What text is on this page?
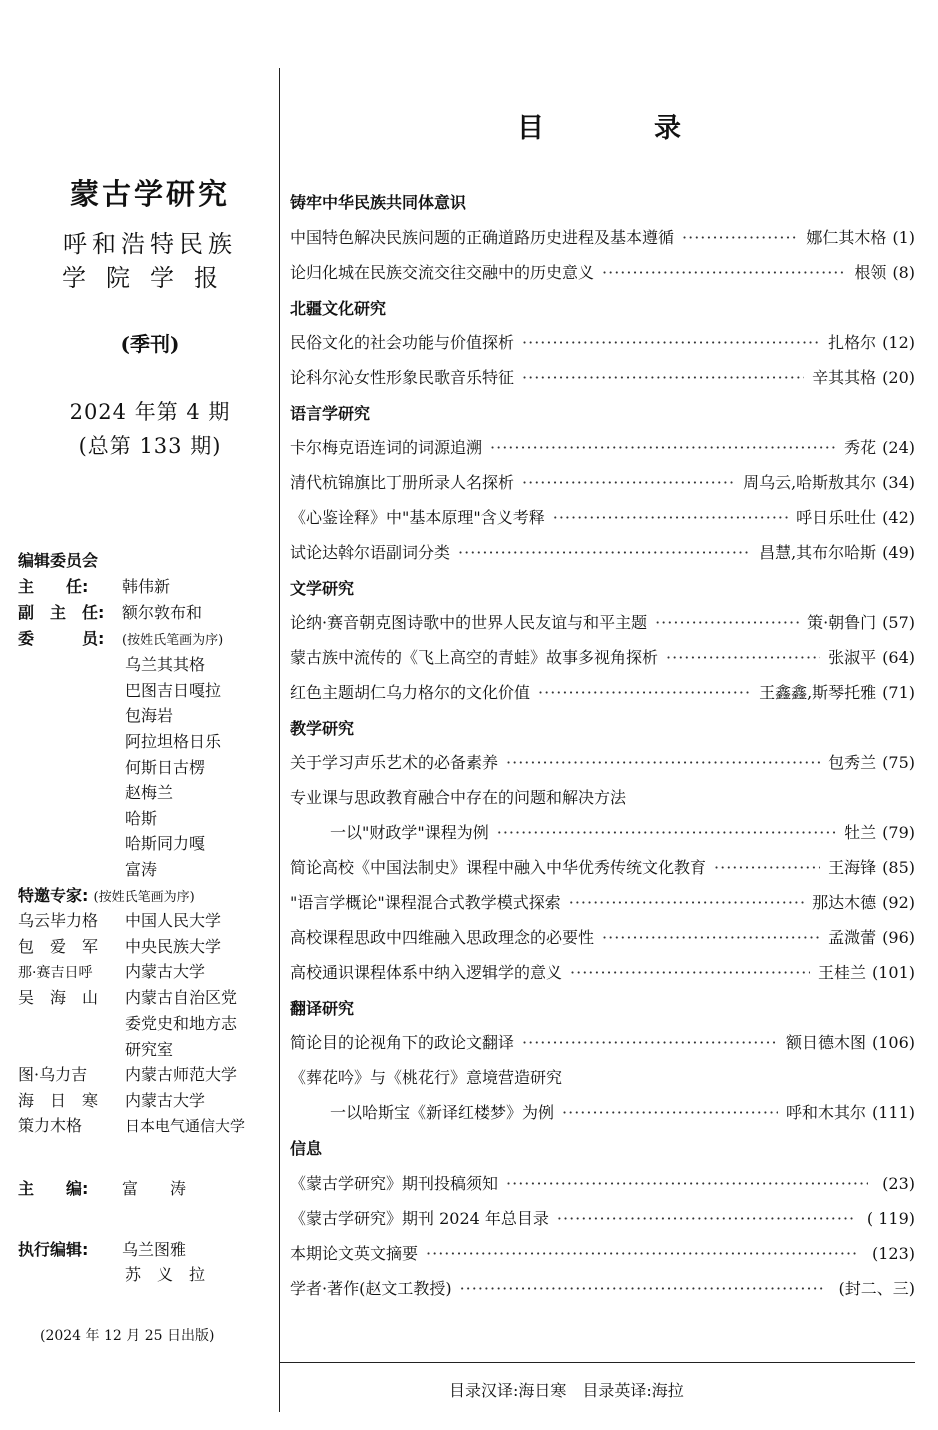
蒙古学研究
呼和浩特民族
学院学报
(季刊)
2024 年第 4 期
(总第 133 期)
编辑委员会
主　　任: 韩伟新
副　主　任: 额尔敦布和
委　　　员: (按姓氏笔画为序)
乌兰其其格
巴图吉日嘎拉
包海岩
阿拉坦格日乐
何斯日古楞
赵梅兰
哈斯
哈斯同力嘎
富涛
特邀专家: (按姓氏笔画为序)
乌云毕力格 中国人民大学
包　爱　军 中央民族大学
那·赛吉日呼 内蒙古大学
吴　海　山 内蒙古自治区党
委党史和地方志
研究室
图·乌力吉 内蒙古师范大学
海　日　寒 内蒙古大学
策力木格	日本电气通信大学
主　　编: 富　　涛
执行编辑: 乌兰图雅
苏　义　拉
(2024 年 12 月 25 日出版)
目录
铸牢中华民族共同体意识
中国特色解决民族问题的正确道路历史进程及基本遵循 ·····	娜仁其木格 (1)
论归化城在民族交流交往交融中的历史意义 ·····	根领 (8)
北疆文化研究
民俗文化的社会功能与价值探析 ·····	扎格尔 (12)
论科尔沁女性形象民歌音乐特征 ·····	辛其其格 (20)
语言学研究
卡尔梅克语连词的词源追溯 ·····	秀花 (24)
清代杭锦旗比丁册所录人名探析 ·····	周乌云,哈斯敖其尔 (34)
《心鉴诠释》中"基本原理"含义考释 ·····	呼日乐吐仕 (42)
试论达斡尔语副词分类 ·····	昌慧,其布尔哈斯 (49)
文学研究
论纳·赛音朝克图诗歌中的世界人民友谊与和平主题 ·····	策·朝鲁门 (57)
蒙古族中流传的《飞上高空的青蛙》故事多视角探析 ·····	张淑平 (64)
红色主题胡仁乌力格尔的文化价值 ·····	王鑫鑫,斯琴托雅 (71)
教学研究
关于学习声乐艺术的必备素养 ·····	包秀兰 (75)
专业课与思政教育融合中存在的问题和解决方法
一以"财政学"课程为例 ·····	牡兰 (79)
简论高校《中国法制史》课程中融入中华优秀传统文化教育 ·····	王海锋 (85)
"语言学概论"课程混合式教学模式探索 ·····	那达木德 (92)
高校课程思政中四维融入思政理念的必要性 ·····	孟溦蕾 (96)
高校通识课程体系中纳入逻辑学的意义 ·····	王桂兰 (101)
翻译研究
简论目的论视角下的政论文翻译 ·····	额日德木图 (106)
《葬花吟》与《桃花行》意境营造研究
一以哈斯宝《新译红楼梦》为例 ·····	呼和木其尔 (111)
信息
《蒙古学研究》期刊投稿须知 ·····	(23)
《蒙古学研究》期刊 2024 年总目录 ·····	( 119)
本期论文英文摘要 ·····	(123)
学者·著作(赵文工教授) ·····	(封二、三)
目录汉译:海日寒　目录英译:海拉
